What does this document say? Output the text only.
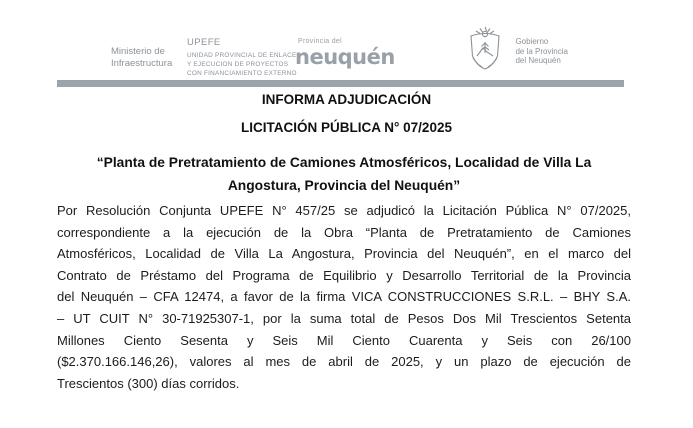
Ministerio de
Infraestructura
UPEFE
UNIDAD PROVINCIAL DE ENLACE
Y EJECUCION DE PROYECTOS
CON FINANCIAMIENTO EXTERNO
Provincia del
neuquén

Gobierno
de la Provincia
del Neuquén
INFORMA ADJUDICACIÓN
LICITACIÓN PÚBLICA N° 07/2025
“Planta de Pretratamiento de Camiones Atmosféricos, Localidad de Villa La
Angostura, Provincia del Neuquén”
Por Resolución Conjunta UPEFE N° 457/25 se adjudicó la Licitación Pública N° 07/2025,
correspondiente a la ejecución de la Obra “Planta de Pretratamiento de Camiones
Atmosféricos, Localidad de Villa La Angostura, Provincia del Neuquén”, en el marco del
Contrato de Préstamo del Programa de Equilibrio y Desarrollo Territorial de la Provincia
del Neuquén – CFA 12474, a favor de la firma VICA CONSTRUCCIONES S.R.L. – BHY S.A.
– UT CUIT N° 30-71925307-1, por la suma total de Pesos Dos Mil Trescientos Setenta
Millones Ciento Sesenta y Seis Mil Ciento Cuarenta y Seis con 26/100
($2.370.166.146,26), valores al mes de abril de 2025, y un plazo de ejecución de
Trescientos (300) días corridos.
